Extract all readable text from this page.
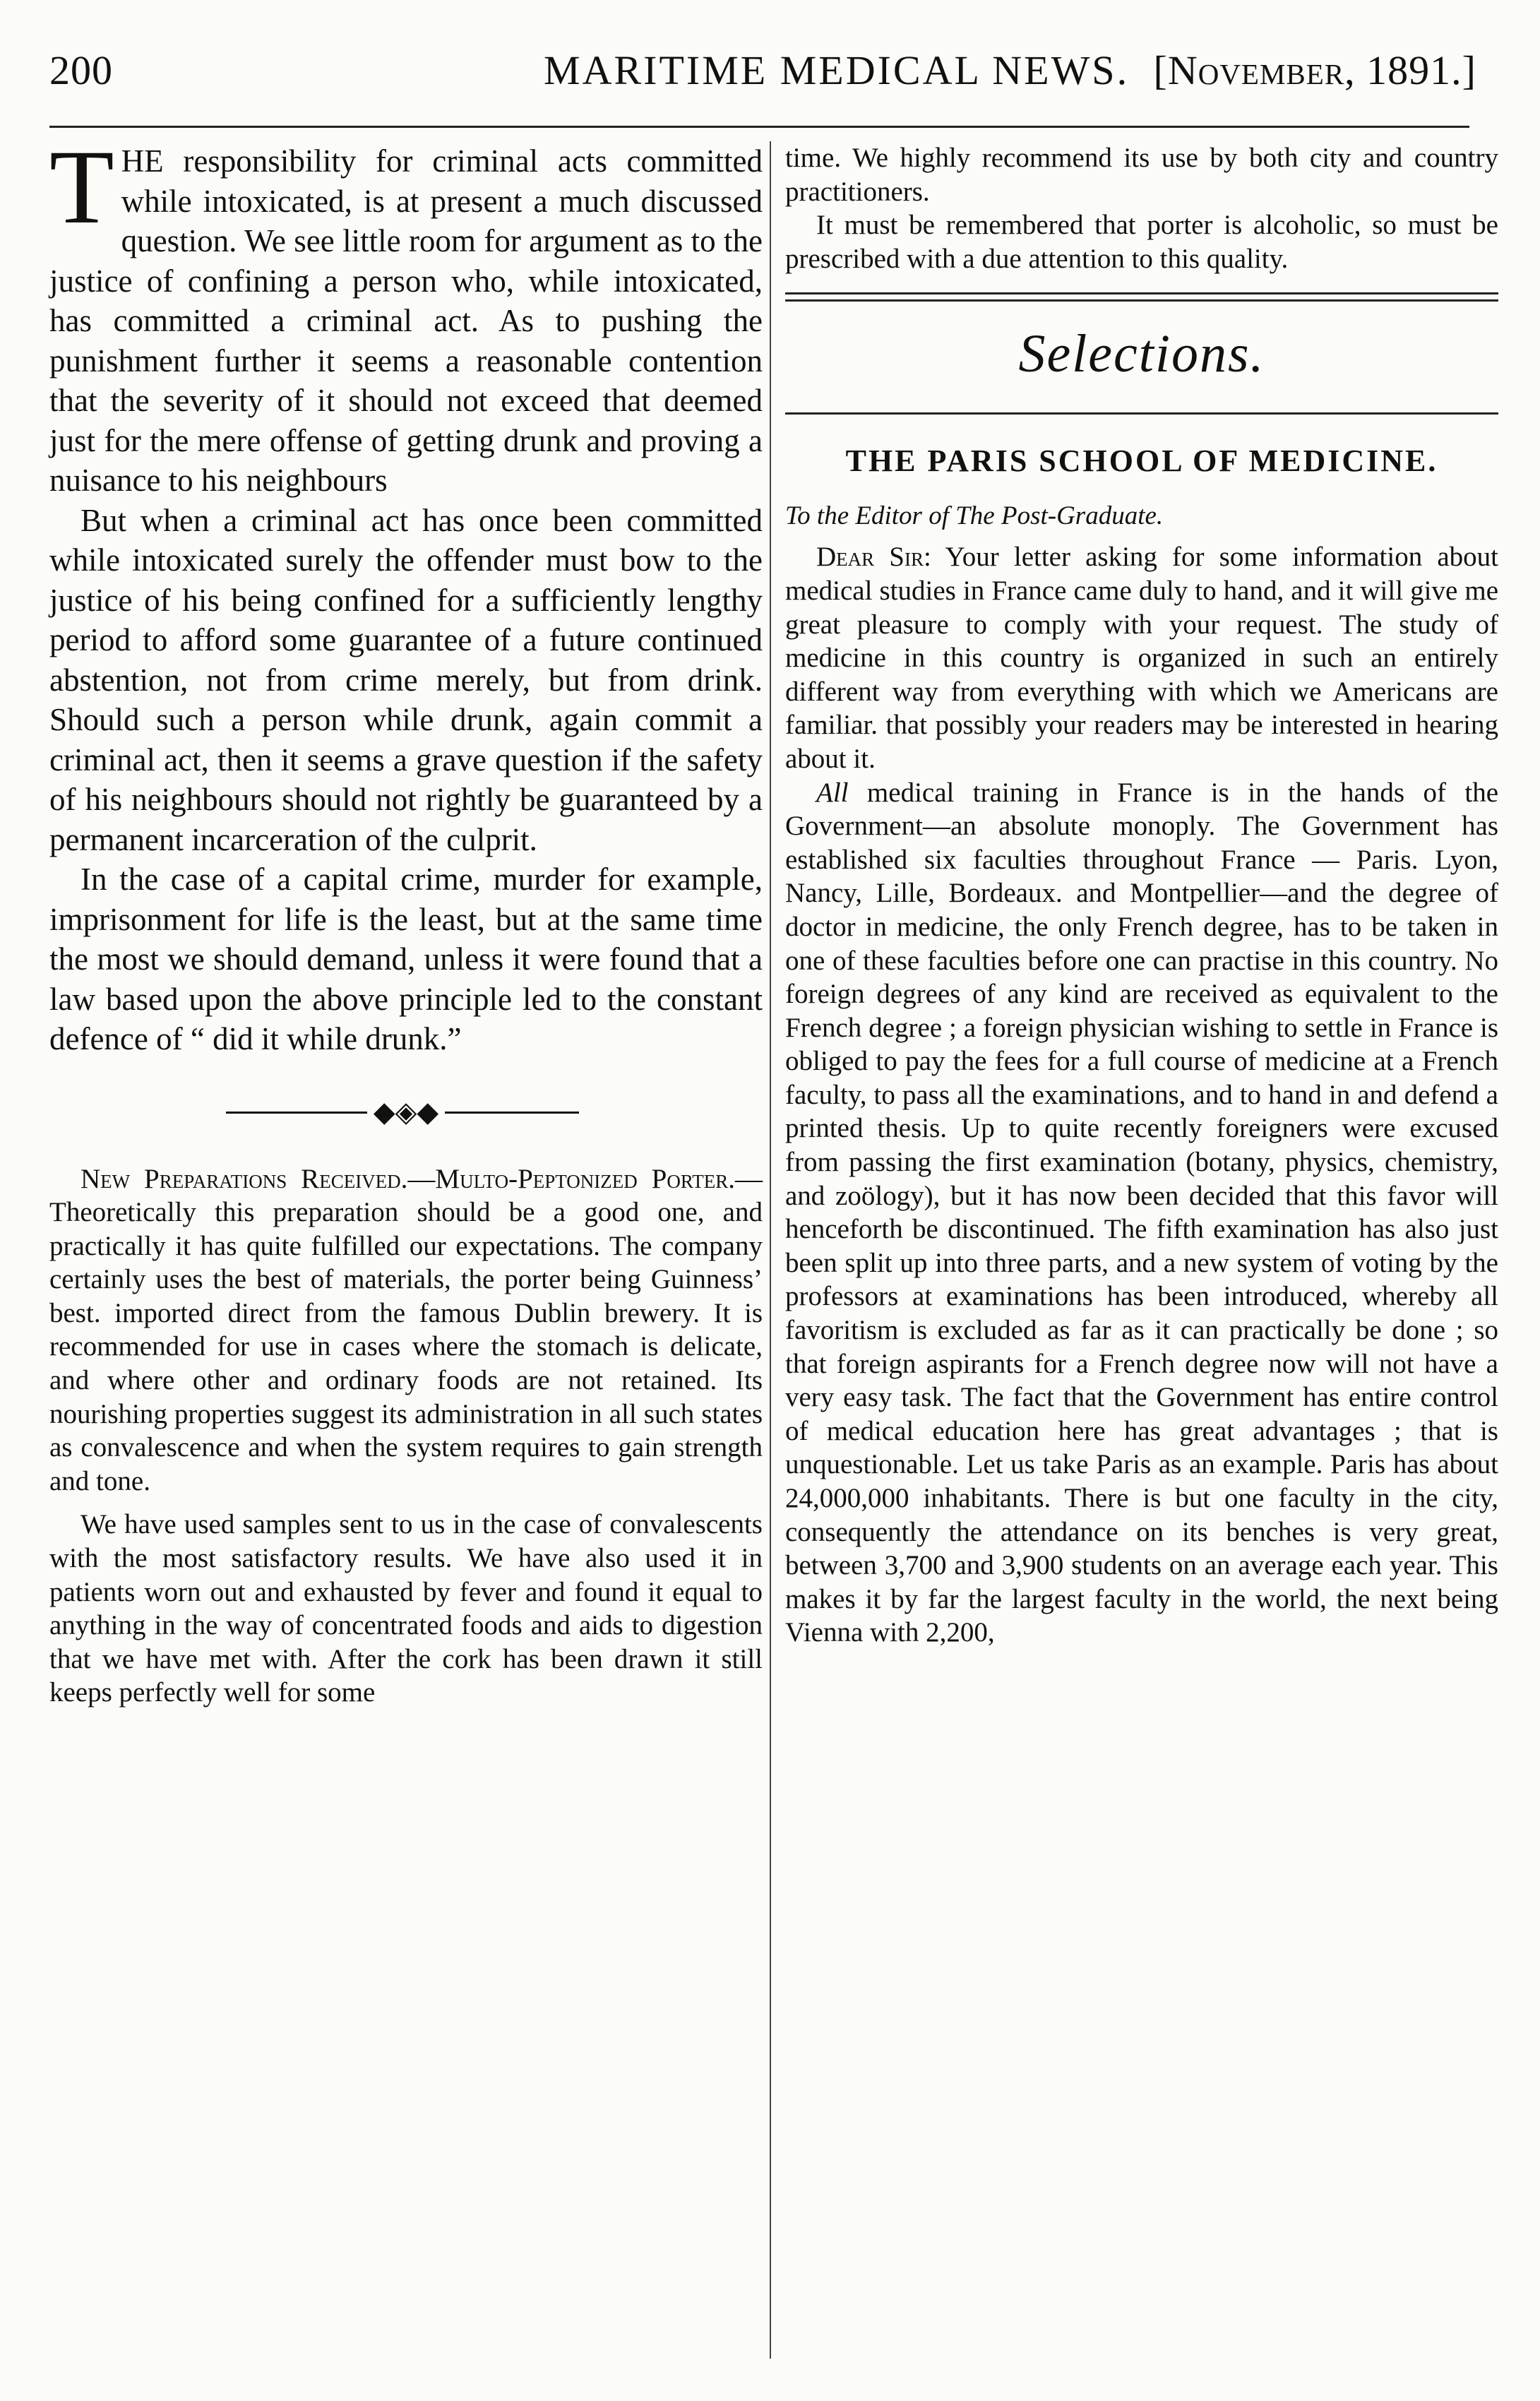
200	MARITIME MEDICAL NEWS. [November, 1891.]

THE responsibility for criminal acts committed while intoxicated, is at present a much discussed question. We see little room for argument as to the justice of confining a person who, while intoxicated, has committed a criminal act. As to pushing the punishment further it seems a reasonable contention that the severity of it should not exceed that deemed just for the mere offense of getting drunk and proving a nuisance to his neighbours

But when a criminal act has once been committed while intoxicated surely the offender must bow to the justice of his being confined for a sufficiently lengthy period to afford some guarantee of a future continued abstention, not from crime merely, but from drink. Should such a person while drunk, again commit a criminal act, then it seems a grave question if the safety of his neighbours should not rightly be guaranteed by a permanent incarceration of the culprit.

In the case of a capital crime, murder for example, imprisonment for life is the least, but at the same time the most we should demand, unless it were found that a law based upon the above principle led to the constant defence of “ did it while drunk.”

◆◈◆

New Preparations Received.—Multo-Peptonized Porter.—Theoretically this preparation should be a good one, and practically it has quite fulfilled our expectations. The company certainly uses the best of materials, the porter being Guinness’ best. imported direct from the famous Dublin brewery. It is recommended for use in cases where the stomach is delicate, and where other and ordinary foods are not retained. Its nourishing properties suggest its administration in all such states as convalescence and when the system requires to gain strength and tone.

We have used samples sent to us in the case of convalescents with the most satisfactory results. We have also used it in patients worn out and exhausted by fever and found it equal to anything in the way of concentrated foods and aids to digestion that we have met with. After the cork has been drawn it still keeps perfectly well for some

time. We highly recommend its use by both city and country practitioners.

It must be remembered that porter is alcoholic, so must be prescribed with a due attention to this quality.

Selections.
THE PARIS SCHOOL OF MEDICINE.
To the Editor of The Post-Graduate.

Dear Sir: Your letter asking for some information about medical studies in France came duly to hand, and it will give me great pleasure to comply with your request. The study of medicine in this country is organized in such an entirely different way from everything with which we Americans are familiar. that possibly your readers may be interested in hearing about it.

All medical training in France is in the hands of the Government—an absolute monoply. The Government has established six faculties throughout France — Paris. Lyon, Nancy, Lille, Bordeaux. and Montpellier—and the degree of doctor in medicine, the only French degree, has to be taken in one of these faculties before one can practise in this country. No foreign degrees of any kind are received as equivalent to the French degree ; a foreign physician wishing to settle in France is obliged to pay the fees for a full course of medicine at a French faculty, to pass all the examinations, and to hand in and defend a printed thesis. Up to quite recently foreigners were excused from passing the first examination (botany, physics, chemistry, and zoölogy), but it has now been decided that this favor will henceforth be discontinued. The fifth examination has also just been split up into three parts, and a new system of voting by the professors at examinations has been introduced, whereby all favoritism is excluded as far as it can practically be done ; so that foreign aspirants for a French degree now will not have a very easy task. The fact that the Government has entire control of medical education here has great advantages ; that is unquestionable. Let us take Paris as an example. Paris has about 24,000,000 inhabitants. There is but one faculty in the city, consequently the attendance on its benches is very great, between 3,700 and 3,900 students on an average each year. This makes it by far the largest faculty in the world, the next being Vienna with 2,200,
